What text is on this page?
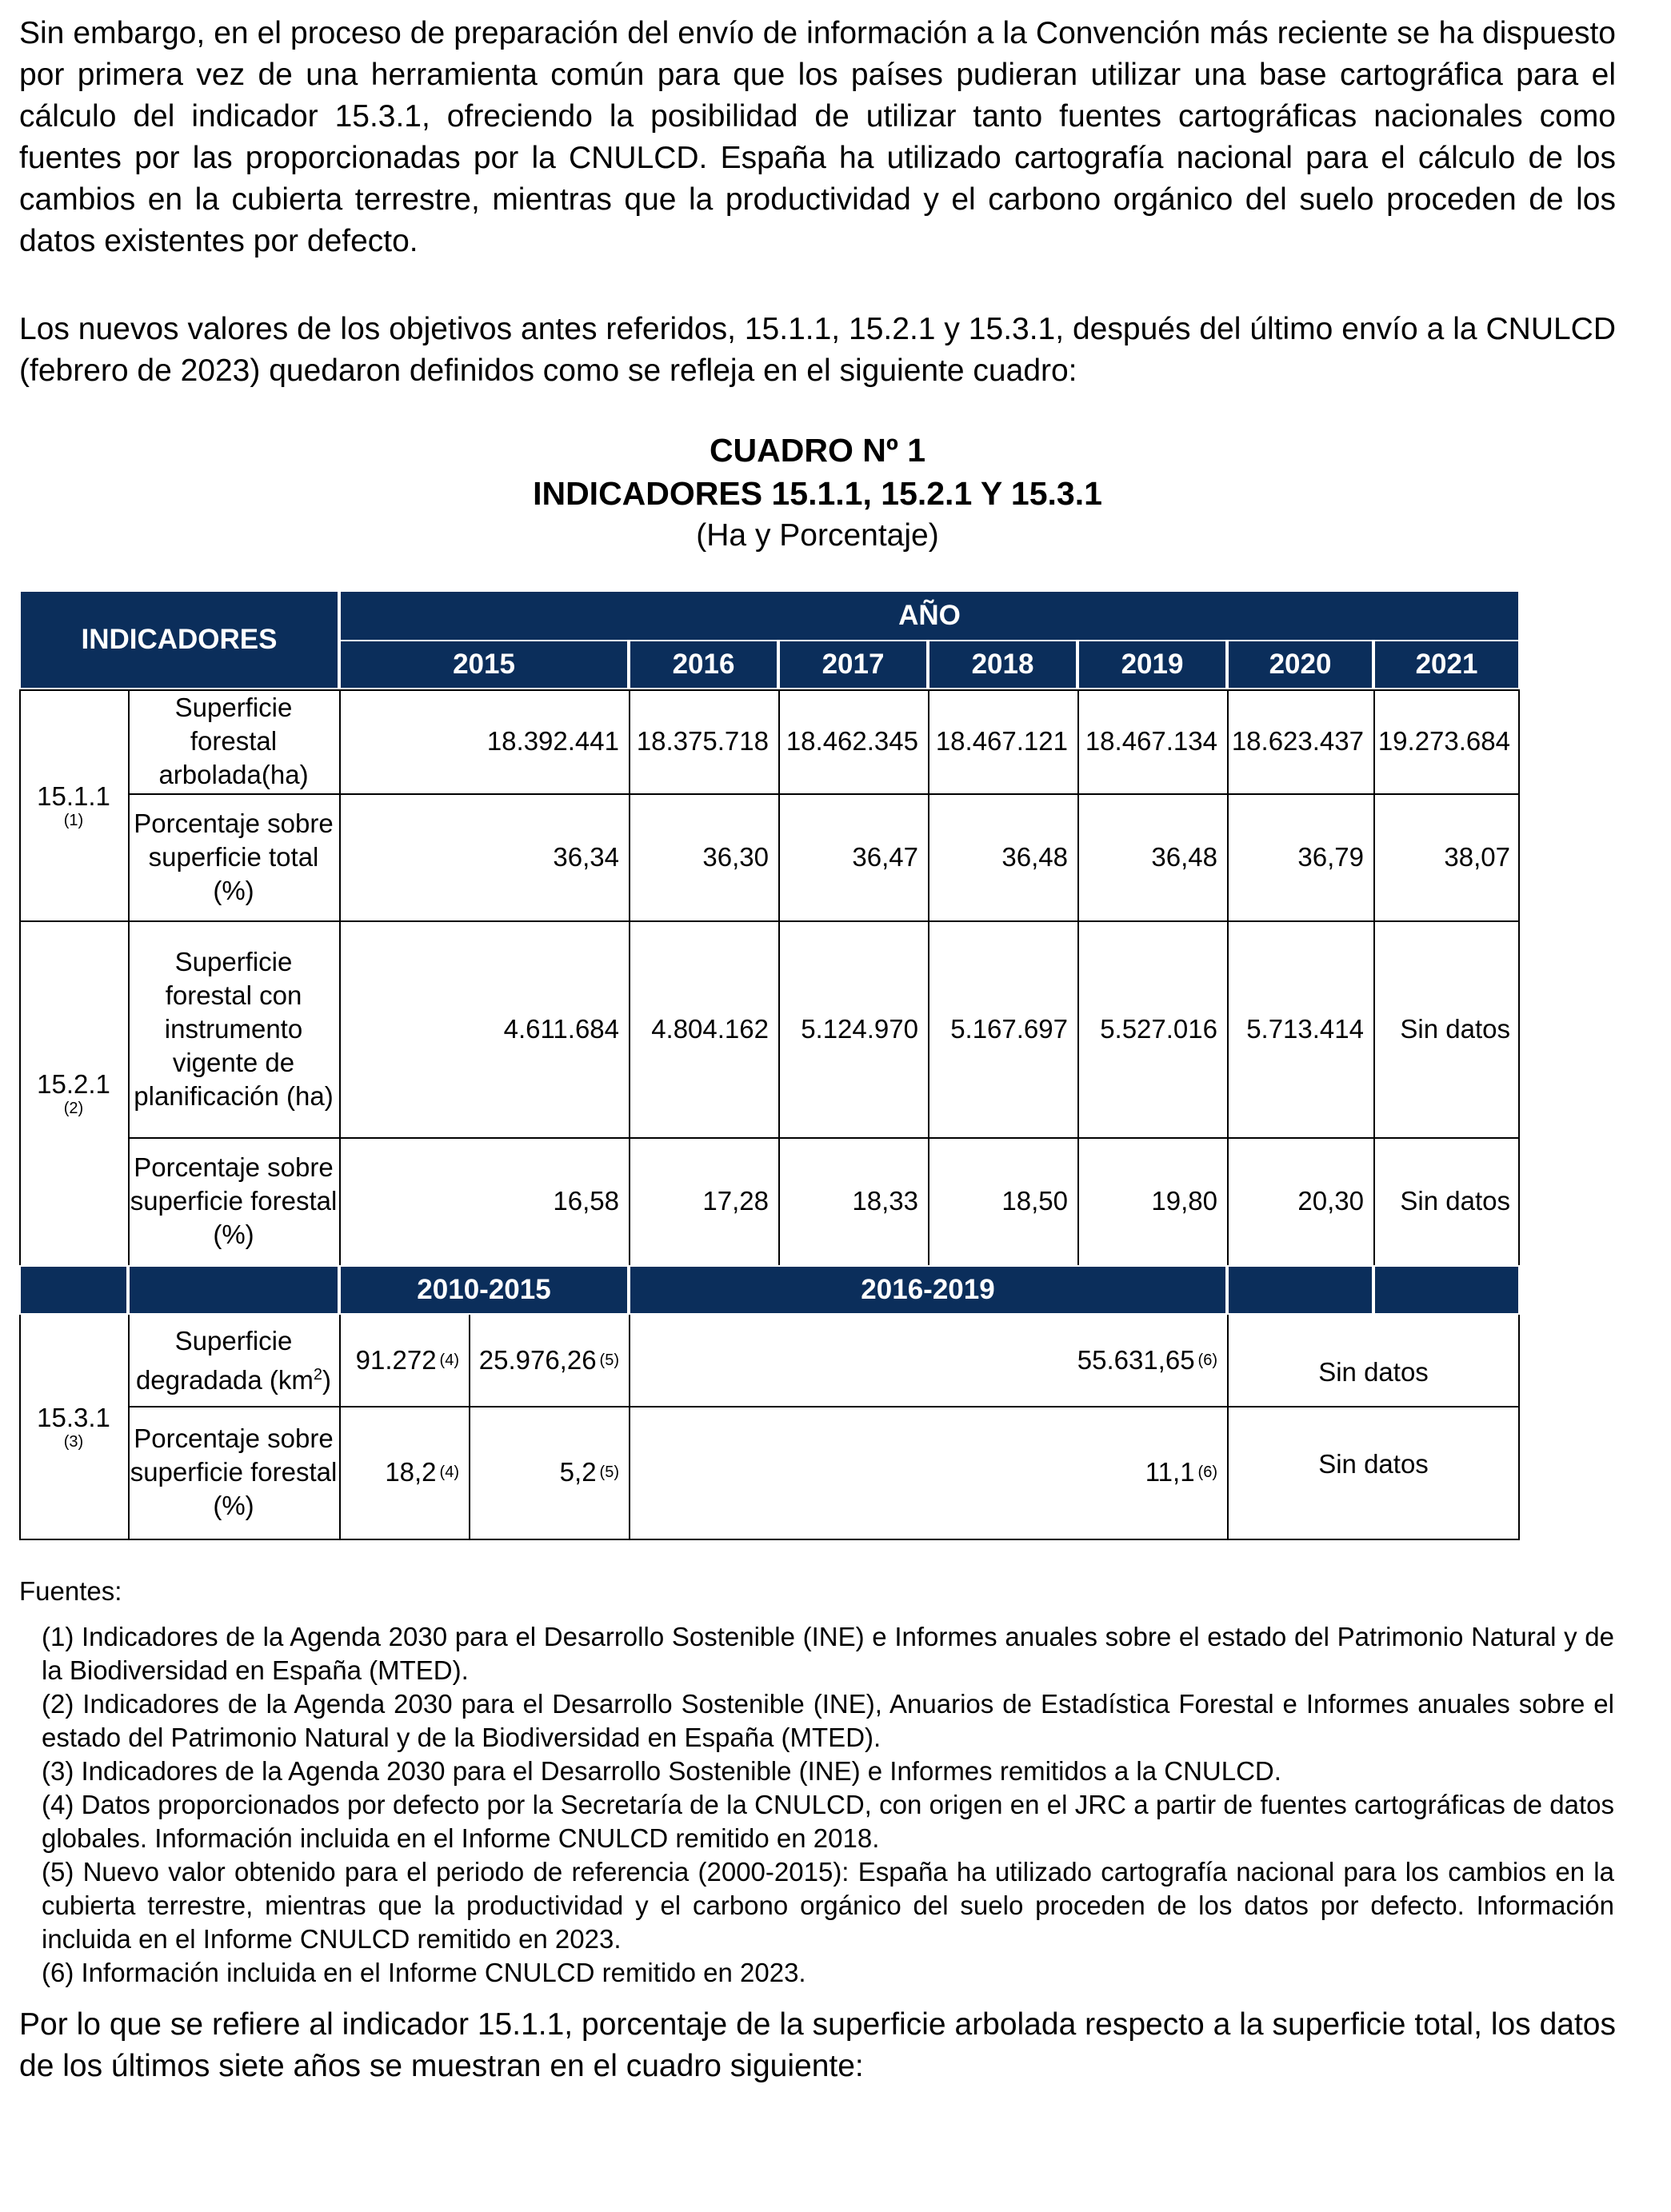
Sin embargo, en el proceso de preparación del envío de información a la Convención más reciente se ha dispuesto por primera vez de una herramienta común para que los países pudieran utilizar una base cartográfica para el cálculo del indicador 15.3.1, ofreciendo la posibilidad de utilizar tanto fuentes cartográficas nacionales como fuentes por las proporcionadas por la CNULCD. España ha utilizado cartografía nacional para el cálculo de los cambios en la cubierta terrestre, mientras que la productividad y el carbono orgánico del suelo proceden de los datos existentes por defecto.

Los nuevos valores de los objetivos antes referidos, 15.1.1, 15.2.1 y 15.3.1, después del último envío a la CNULCD (febrero de 2023) quedaron definidos como se refleja en el siguiente cuadro:

CUADRO Nº 1
INDICADORES 15.1.1, 15.2.1 Y 15.3.1
(Ha y Porcentaje)
INDICADORES
AÑO
2015	2016	2017	2018	2019	2020	2021
15.1.1
(1)
Superficie forestal arbolada(ha)
18.392.441 18.375.718 18.462.345 18.467.121 18.467.134 18.623.437 19.273.684
Porcentaje sobre superficie total (%)
36,34	36,30	36,47	36,48	36,48	36,79	38,07
15.2.1
(2)
Superficie forestal con instrumento vigente de planificación (ha)
4.611.684	4.804.162	5.124.970	5.167.697	5.527.016	5.713.414	Sin datos
Porcentaje sobre superficie forestal (%)
16,58	17,28	18,33	18,50	19,80	20,30	Sin datos
2010-2015	2016-2019
15.3.1
(3)
Superficie degradada $(km^2)$
91.272 (4) 25.976,26 (5)	55.631,65 (6)	Sin datos
Porcentaje sobre superficie forestal (%)
18,2 (4)	5,2 (5)	11,1 (6)	Sin datos
Fuentes:
(1) Indicadores de la Agenda 2030 para el Desarrollo Sostenible (INE) e Informes anuales sobre el estado del Patrimonio Natural y de la Biodiversidad en España (MTED).
(2) Indicadores de la Agenda 2030 para el Desarrollo Sostenible (INE), Anuarios de Estadística Forestal e Informes anuales sobre el estado del Patrimonio Natural y de la Biodiversidad en España (MTED).
(3) Indicadores de la Agenda 2030 para el Desarrollo Sostenible (INE) e Informes remitidos a la CNULCD.
(4) Datos proporcionados por defecto por la Secretaría de la CNULCD, con origen en el JRC a partir de fuentes cartográficas de datos globales. Información incluida en el Informe CNULCD remitido en 2018.
(5) Nuevo valor obtenido para el periodo de referencia (2000-2015): España ha utilizado cartografía nacional para los cambios en la cubierta terrestre, mientras que la productividad y el carbono orgánico del suelo proceden de los datos por defecto. Información incluida en el Informe CNULCD remitido en 2023.
(6) Información incluida en el Informe CNULCD remitido en 2023.

Por lo que se refiere al indicador 15.1.1, porcentaje de la superficie arbolada respecto a la superficie total, los datos de los últimos siete años se muestran en el cuadro siguiente:
